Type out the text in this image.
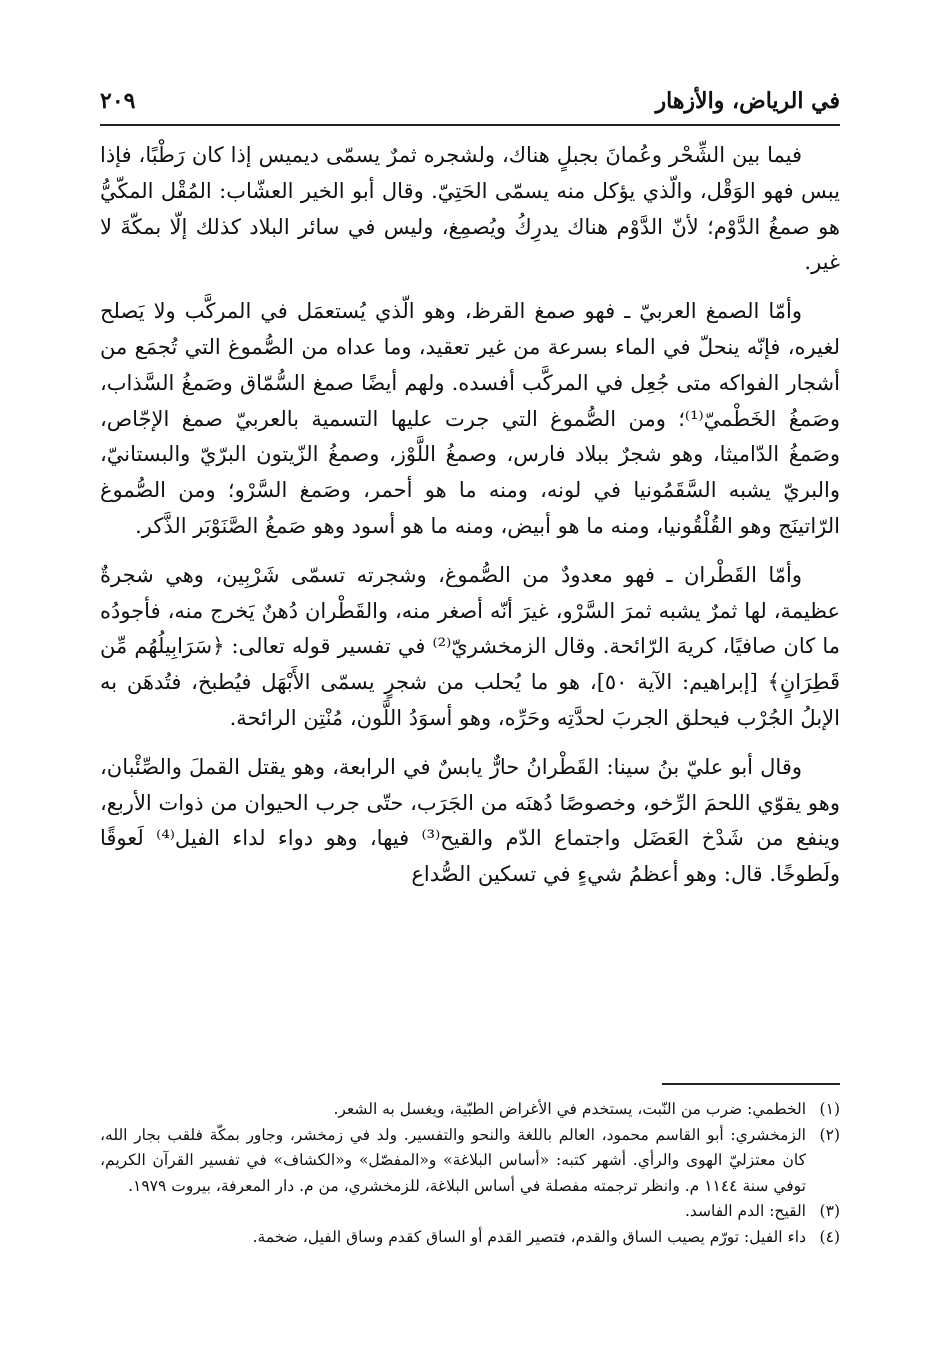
في الرياض، والأزهار
٢٠٩

فيما بين الشِّحْر وعُمانَ بجبلٍ هناك، ولشجره ثمرٌ يسمّى ديميس إذا كان رَطْبًا، فإذا يبس فهو الوَقْل، والّذي يؤكل منه يسمّى الحَتِيّ. وقال أبو الخير العشّاب: المُقْل المكّيُّ هو صمغُ الدَّوْم؛ لأنّ الدَّوْم هناك يدرِكُ ويُصمِغ، وليس في سائر البلاد كذلك إلّا بمكّةَ لا غير.

وأمّا الصمغ العربيّ ـ فهو صمغ القرظ، وهو الّذي يُستعمَل في المركَّب ولا يَصلح لغيره، فإنّه ينحلّ في الماء بسرعة من غير تعقيد، وما عداه من الصُّموغ التي تُجمَع من أشجار الفواكه متى جُعِل في المركَّب أفسده. ولهم أيضًا صمغ السُّمّاق وصَمغُ السَّذاب، وصَمغُ الخَطْميّ⁽¹⁾؛ ومن الصُّموغ التي جرت عليها التسمية بالعربيّ صمغ الإجّاص، وصَمغُ الدّاميثا، وهو شجرٌ ببلاد فارس، وصمغُ اللَّوْز، وصمغُ الزّيتون البرّيّ والبستانيّ، والبريّ يشبه السَّقَمُونيا في لونه، ومنه ما هو أحمر، وصَمغ السَّرْو؛ ومن الصُّموغ الرّاتينَج وهو القُلْقُونيا، ومنه ما هو أبيض، ومنه ما هو أسود وهو صَمغُ الصَّنَوْبَر الذَّكر.

وأمّا القَطْران ـ فهو معدودٌ من الصُّموغ، وشجرته تسمّى شَرْبِين، وهي شجرةٌ عظيمة، لها ثمرٌ يشبه ثمرَ السَّرْو، غيرَ أنّه أصغر منه، والقَطْران دُهنٌ يَخرج منه، فأجودُه ما كان صافيًا، كريهَ الرّائحة. وقال الزمخشريّ⁽²⁾ في تفسير قوله تعالى: ﴿سَرَابِيلُهُم مِّن قَطِرَانٍ﴾ [إبراهيم: الآية ٥٠]، هو ما يُحلب من شجرٍ يسمّى الأَبْهَل فيُطبخ، فتُدهَن به الإبلُ الجُرْب فيحلق الجربَ لحدَّتِه وحَرِّه، وهو أسوَدُ اللَّون، مُنْتِن الرائحة.

وقال أبو عليّ بنُ سينا: القَطْرانُ حارٌّ يابسٌ في الرابعة، وهو يقتل القملَ والصِّئْبان، وهو يقوّي اللحمَ الرِّخو، وخصوصًا دُهنَه من الجَرَب، حتّى جرب الحيوان من ذوات الأربع، وينفع من شَدْخ العَضَل واجتماع الدّم والقيح⁽³⁾ فيها، وهو دواء لداء الفيل⁽⁴⁾ لَعوقًا ولَطوخًا. قال: وهو أعظمُ شيءٍ في تسكين الصُّداع

(١)
الخطمي: ضرب من النّبت، يستخدم في الأغراض الطبّية، ويغسل به الشعر.
(٢)
الزمخشري: أبو القاسم محمود، العالم باللغة والنحو والتفسير. ولد في زمخشر، وجاور بمكّة فلقب بجار الله، كان معتزليّ الهوى والرأي. أشهر كتبه: «أساس البلاغة» و«المفصّل» و«الكشاف» في تفسير القرآن الكريم، توفي سنة ١١٤٤ م. وانظر ترجمته مفصلة في أساس البلاغة، للزمخشري، من م. دار المعرفة، بيروت ١٩٧٩.
(٣)
القيح: الدم الفاسد.
(٤)
داء الفيل: تورّم يصيب الساق والقدم، فتصير القدم أو الساق كقدم وساق الفيل، ضخمة.
